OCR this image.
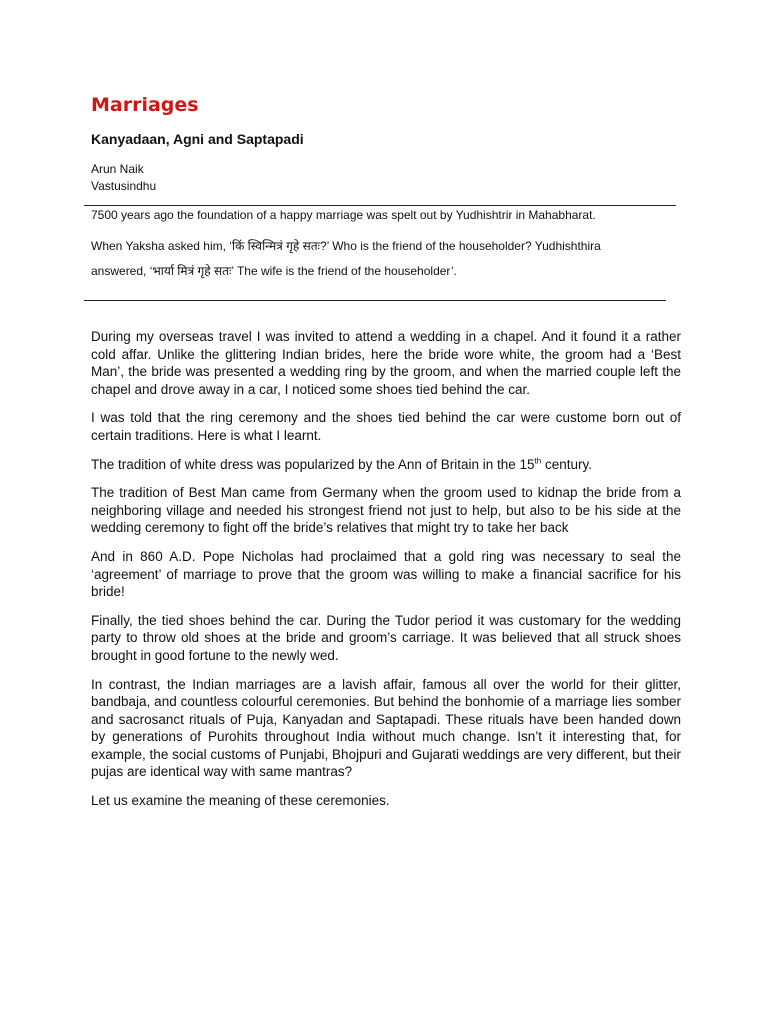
Marriages
Kanyadaan, Agni and Saptapadi
Arun Naik
Vastusindhu

7500 years ago the foundation of a happy marriage was spelt out by Yudhishtrir in Mahabharat.

When Yaksha asked him, ‘किं स्विन्मित्रं गृहे सतः?’ Who is the friend of the householder? Yudhishthira answered, ‘भार्या मित्रं गृहे सतः’ The wife is the friend of the householder’.

During my overseas travel I was invited to attend a wedding in a chapel. And it found it a rather cold affar. Unlike the glittering Indian brides, here the bride wore white, the groom had a ‘Best Man’, the bride was presented a wedding ring by the groom, and when the married couple left the chapel and drove away in a car, I noticed some shoes tied behind the car.

I was told that the ring ceremony and the shoes tied behind the car were custome born out of certain traditions. Here is what I learnt.

The tradition of white dress was popularized by the Ann of Britain in the 15th century.

The tradition of Best Man came from Germany when the groom used to kidnap the bride from a neighboring village and needed his strongest friend not just to help, but also to be his side at the wedding ceremony to fight off the bride’s relatives that might try to take her back

And in 860 A.D. Pope Nicholas had proclaimed that a gold ring was necessary to seal the ‘agreement’ of marriage to prove that the groom was willing to make a financial sacrifice for his bride!

Finally, the tied shoes behind the car. During the Tudor period it was customary for the wedding party to throw old shoes at the bride and groom’s carriage. It was believed that all struck shoes brought in good fortune to the newly wed.

In contrast, the Indian marriages are a lavish affair, famous all over the world for their glitter, bandbaja, and countless colourful ceremonies. But behind the bonhomie of a marriage lies somber and sacrosanct rituals of Puja, Kanyadan and Saptapadi. These rituals have been handed down by generations of Purohits throughout India without much change. Isn’t it interesting that, for example, the social customs of Punjabi, Bhojpuri and Gujarati weddings are very different, but their pujas are identical way with same mantras?

Let us examine the meaning of these ceremonies.
